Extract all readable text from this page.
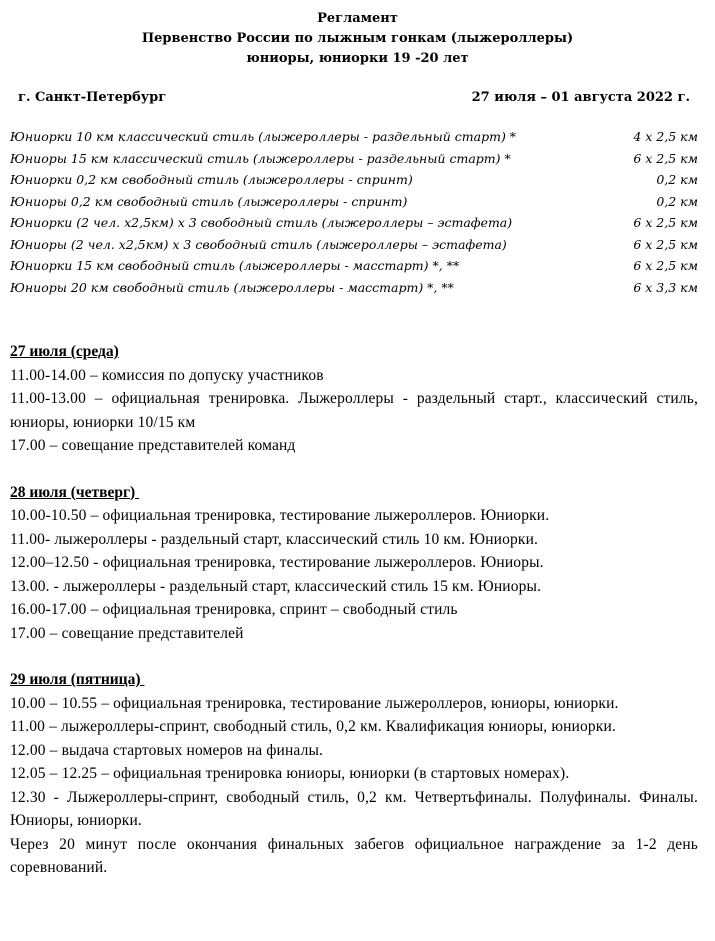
Регламент
Первенство России по лыжным гонкам (лыжероллеры)
юниоры, юниорки 19 -20 лет
г. Санкт-Петербург	27 июля – 01 августа 2022 г.
Юниорки 10 км классический стиль (лыжероллеры - раздельный старт) *	4 х 2,5 км
Юниоры 15 км классический стиль (лыжероллеры - раздельный старт) *	6 х 2,5 км
Юниорки 0,2 км свободный стиль (лыжероллеры - спринт)	0,2 км
Юниоры 0,2 км свободный стиль (лыжероллеры - спринт)	0,2 км
Юниорки (2 чел. х2,5км) х 3 свободный стиль (лыжероллеры – эстафета)	6 х 2,5 км
Юниоры (2 чел. х2,5км) х 3 свободный стиль (лыжероллеры – эстафета)	6 х 2,5 км
Юниорки 15 км свободный стиль (лыжероллеры - масстарт) *, **	6 х 2,5 км
Юниоры 20 км свободный стиль (лыжероллеры - масстарт) *, **	6 х 3,3 км
27 июля (среда)
11.00-14.00 – комиссия по допуску участников
11.00-13.00 – официальная тренировка. Лыжероллеры - раздельный старт., классический стиль, юниоры, юниорки 10/15 км
17.00 – совещание представителей команд
28 июля (четверг)
10.00-10.50 – официальная тренировка, тестирование лыжероллеров. Юниорки.
11.00- лыжероллеры - раздельный старт, классический стиль 10 км. Юниорки.
12.00–12.50 - официальная тренировка, тестирование лыжероллеров. Юниоры.
13.00. - лыжероллеры - раздельный старт, классический стиль 15 км. Юниоры.
16.00-17.00 – официальная тренировка, спринт – свободный стиль
17.00 – совещание представителей
29 июля (пятница)
10.00 – 10.55 – официальная тренировка, тестирование лыжероллеров, юниоры, юниорки.
11.00 – лыжероллеры-спринт, свободный стиль, 0,2 км. Квалификация юниоры, юниорки.
12.00 – выдача стартовых номеров на финалы.
12.05 – 12.25 – официальная тренировка юниоры, юниорки (в стартовых номерах).
12.30 - Лыжероллеры-спринт, свободный стиль, 0,2 км. Четвертьфиналы. Полуфиналы. Финалы. Юниоры, юниорки.
Через 20 минут после окончания финальных забегов официальное награждение за 1-2 день соревнований.
